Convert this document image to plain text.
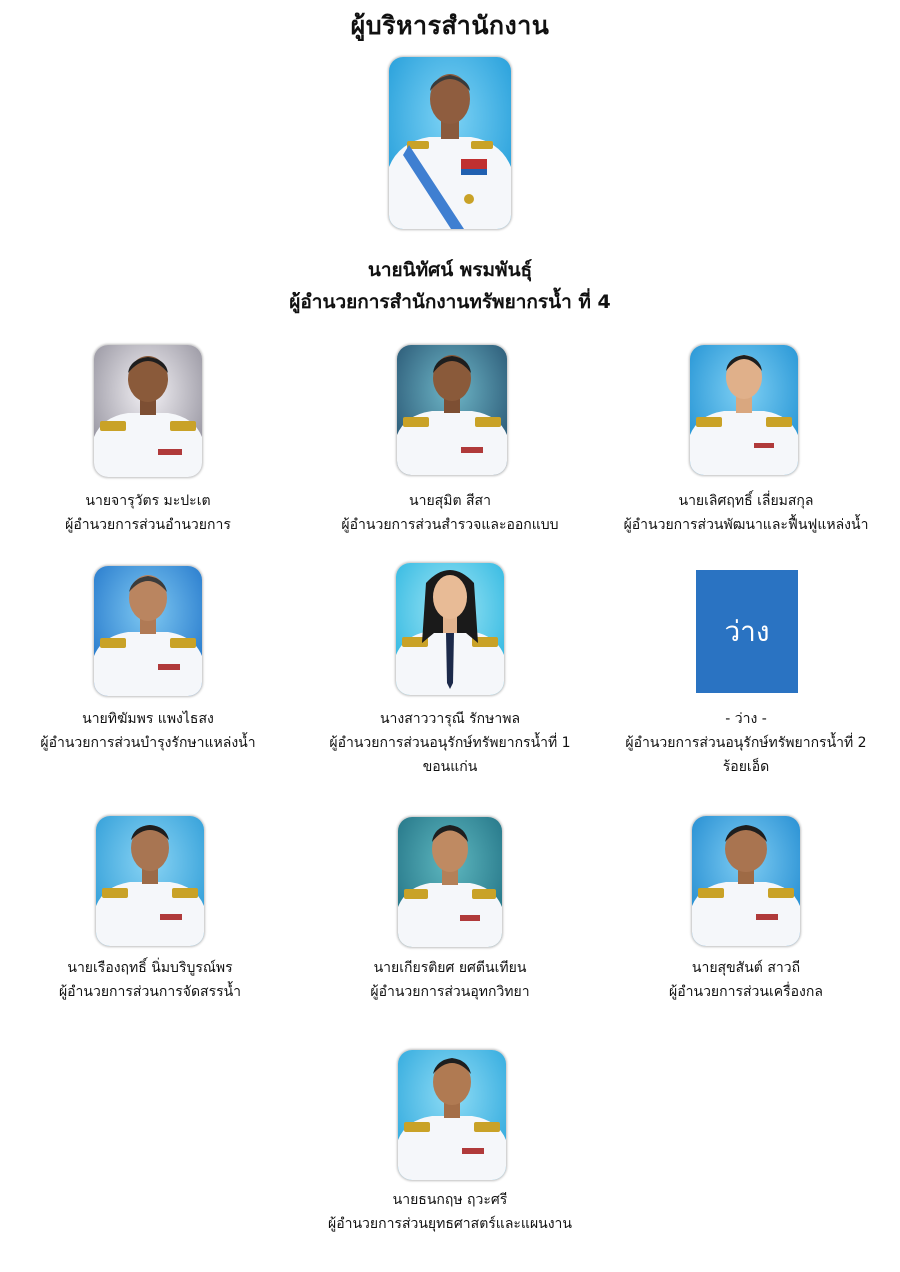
ผู้บริหารสำนักงาน
นายนิทัศน์ พรมพันธุ์
ผู้อำนวยการสำนักงานทรัพยากรน้ำ ที่ 4
นายจารุวัตร มะปะเต
ผู้อำนวยการส่วนอำนวยการ
นายสุมิต สีสา
ผู้อำนวยการส่วนสำรวจและออกแบบ
นายเลิศฤทธิ์ เลี่ยมสกุล
ผู้อำนวยการส่วนพัฒนาและฟื้นฟูแหล่งน้ำ
นายทิฆัมพร แพงไธสง
ผู้อำนวยการส่วนบำรุงรักษาแหล่งน้ำ
นางสาววารุณี รักษาพล
ผู้อำนวยการส่วนอนุรักษ์ทรัพยากรน้ำที่ 1
ขอนแก่น
ว่าง
- ว่าง -
ผู้อำนวยการส่วนอนุรักษ์ทรัพยากรน้ำที่ 2
ร้อยเอ็ด
นายเรืองฤทธิ์ นิ่มบริบูรณ์พร
ผู้อำนวยการส่วนการจัดสรรน้ำ
นายเกียรติยศ ยศตีนเทียน
ผู้อำนวยการส่วนอุทกวิทยา
นายสุขสันต์ สาวถี
ผู้อำนวยการส่วนเครื่องกล
นายธนกฤษ ฤวะศรี
ผู้อำนวยการส่วนยุทธศาสตร์และแผนงาน
